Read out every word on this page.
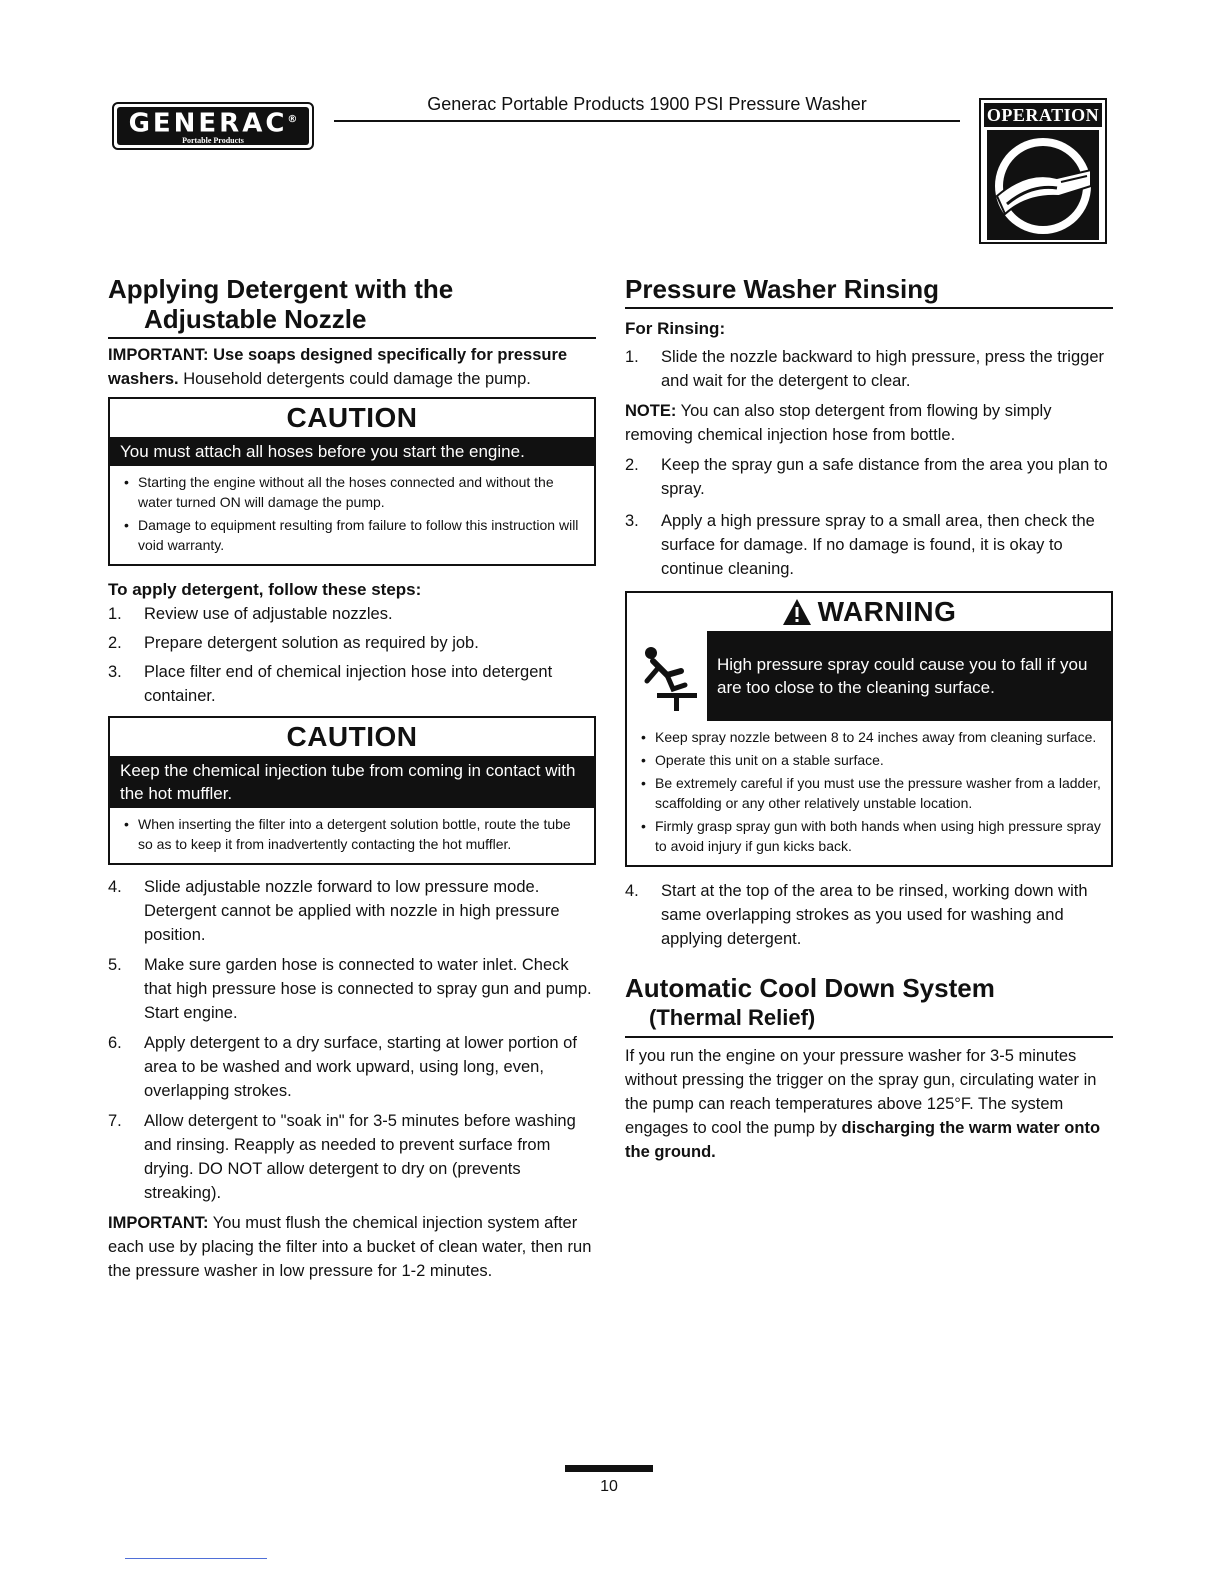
GENERAC®
Portable Products
Generac Portable Products 1900 PSI Pressure Washer
OPERATION
Applying Detergent with the
Adjustable Nozzle

IMPORTANT: Use soaps designed specifically for pressure washers. Household detergents could damage the pump.

CAUTION
You must attach all hoses before you start the engine.
• Starting the engine without all the hoses connected and without the water turned ON will damage the pump.
• Damage to equipment resulting from failure to follow this instruction will void warranty.
To apply detergent, follow these steps:
1. Review use of adjustable nozzles.
2. Prepare detergent solution as required by job.
3. Place filter end of chemical injection hose into detergent container.
CAUTION
Keep the chemical injection tube from coming in contact with the hot muffler.
• When inserting the filter into a detergent solution bottle, route the tube so as to keep it from inadvertently contacting the hot muffler.
4. Slide adjustable nozzle forward to low pressure mode. Detergent cannot be applied with nozzle in high pressure position.
5. Make sure garden hose is connected to water inlet. Check that high pressure hose is connected to spray gun and pump. Start engine.
6. Apply detergent to a dry surface, starting at lower portion of area to be washed and work upward, using long, even, overlapping strokes.
7. Allow detergent to "soak in" for 3-5 minutes before washing and rinsing. Reapply as needed to prevent surface from drying. DO NOT allow detergent to dry on (prevents streaking).

IMPORTANT: You must flush the chemical injection system after each use by placing the filter into a bucket of clean water, then run the pressure washer in low pressure for 1-2 minutes.

Pressure Washer Rinsing
For Rinsing:
1. Slide the nozzle backward to high pressure, press the trigger and wait for the detergent to clear.

NOTE: You can also stop detergent from flowing by simply removing chemical injection hose from bottle.

2. Keep the spray gun a safe distance from the area you plan to spray.
3. Apply a high pressure spray to a small area, then check the surface for damage. If no damage is found, it is okay to continue cleaning.
WARNING
High pressure spray could cause you to fall if you are too close to the cleaning surface.
• Keep spray nozzle between 8 to 24 inches away from cleaning surface.
• Operate this unit on a stable surface.
• Be extremely careful if you must use the pressure washer from a ladder, scaffolding or any other relatively unstable location.
• Firmly grasp spray gun with both hands when using high pressure spray to avoid injury if gun kicks back.
4. Start at the top of the area to be rinsed, working down with same overlapping strokes as you used for washing and applying detergent.
Automatic Cool Down System
(Thermal Relief)

If you run the engine on your pressure washer for 3-5 minutes without pressing the trigger on the spray gun, circulating water in the pump can reach temperatures above 125°F. The system engages to cool the pump by discharging the warm water onto the ground.

10
